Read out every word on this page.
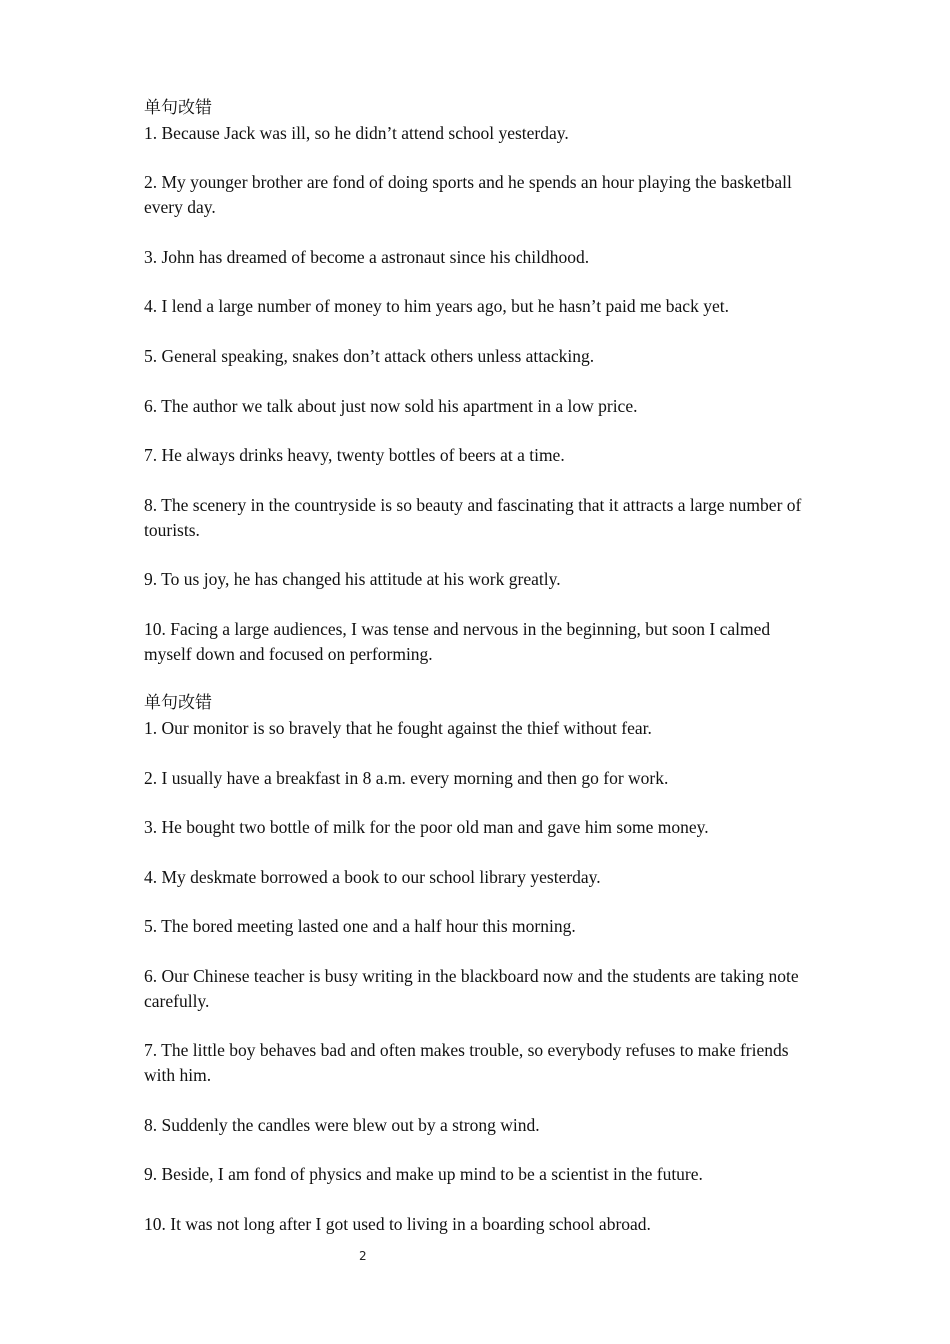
单句改错

1. Because Jack was ill, so he didn’t attend school yesterday.

2. My younger brother are fond of doing sports and he spends an hour playing the basketball every day.

3. John has dreamed of become a astronaut since his childhood.

4. I lend a large number of money to him years ago, but he hasn’t paid me back yet.

5. General speaking, snakes don’t attack others unless attacking.

6. The author we talk about just now sold his apartment in a low price.

7. He always drinks heavy, twenty bottles of beers at a time.

8. The scenery in the countryside is so beauty and fascinating that it attracts a large number of tourists.

9. To us joy, he has changed his attitude at his work greatly.

10. Facing a large audiences, I was tense and nervous in the beginning, but soon I calmed myself down and focused on performing.

单句改错

1. Our monitor is so bravely that he fought against the thief without fear.

2. I usually have a breakfast in 8 a.m. every morning and then go for work.

3. He bought two bottle of milk for the poor old man and gave him some money.

4. My deskmate borrowed a book to our school library yesterday.

5. The bored meeting lasted one and a half hour this morning.

6. Our Chinese teacher is busy writing in the blackboard now and the students are taking note carefully.

7. The little boy behaves bad and often makes trouble, so everybody refuses to make friends with him.

8. Suddenly the candles were blew out by a strong wind.

9. Beside, I am fond of physics and make up mind to be a scientist in the future.

10. It was not long after I got used to living in a boarding school abroad.

2
